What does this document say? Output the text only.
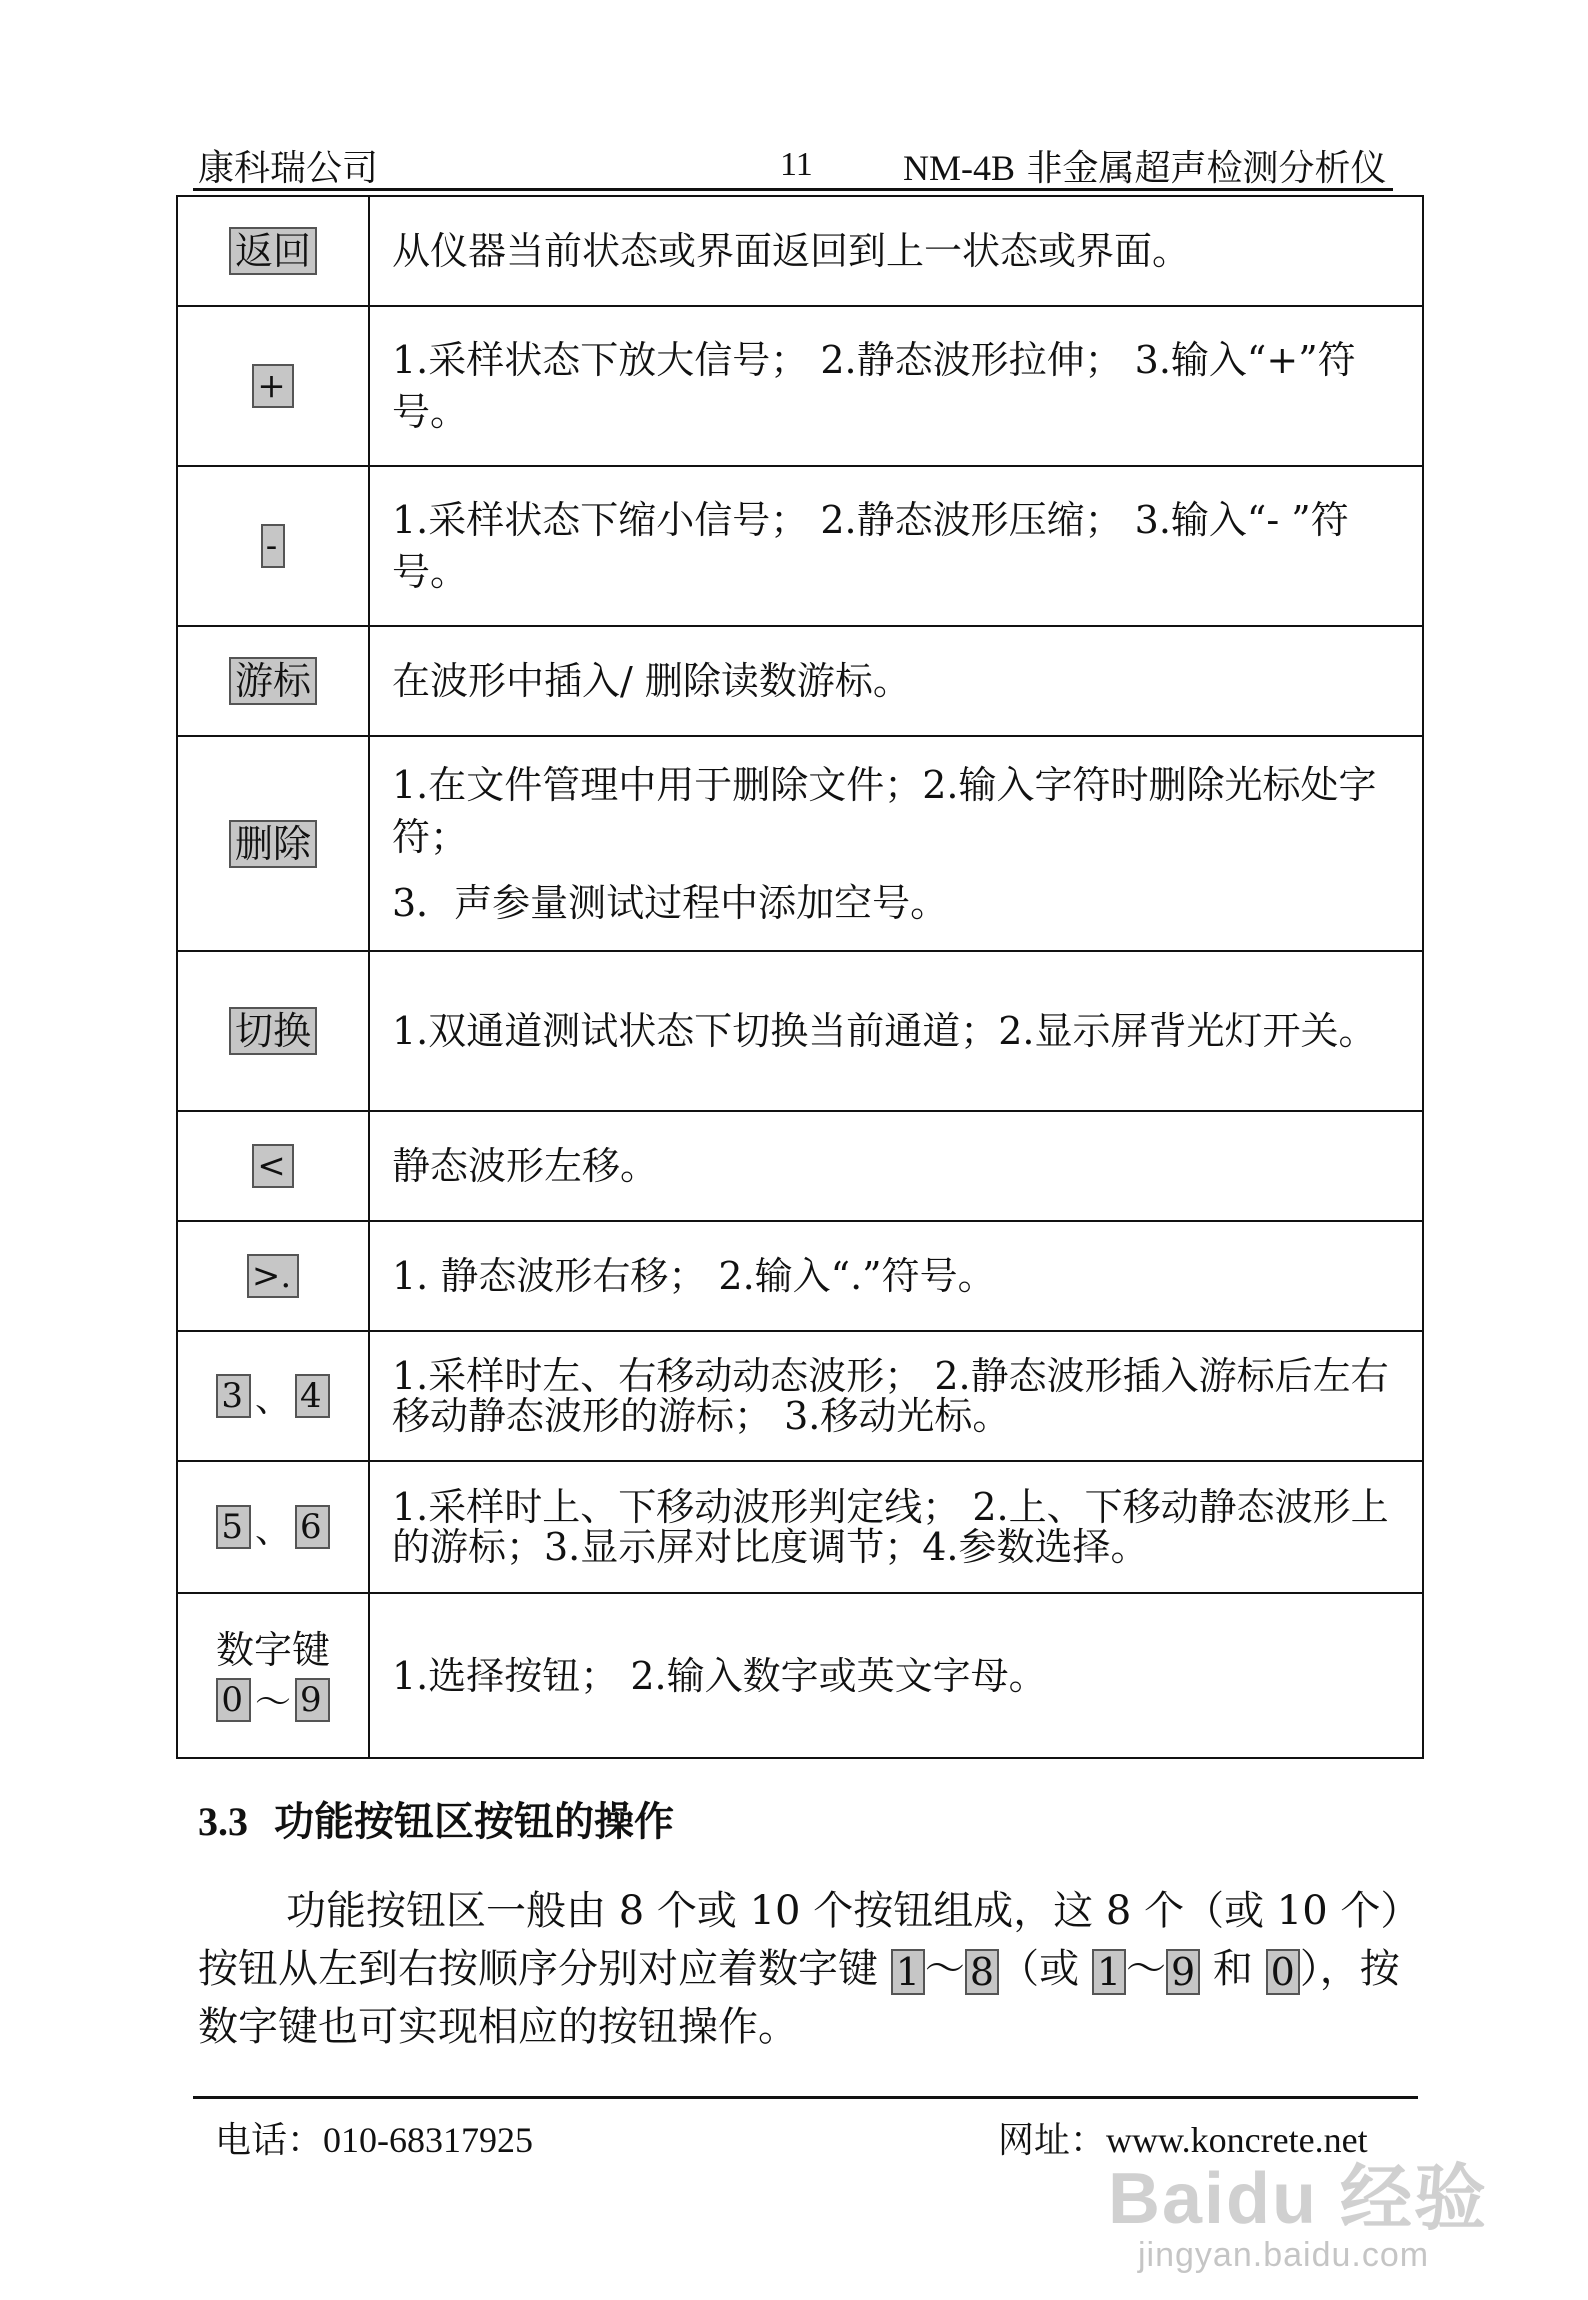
康科瑞公司	11	NM-4B 非金属超声检测分析仪
返回	从仪器当前状态或界面返回到上一状态或界面。

+	1.采样状态下放大信号； 2.静态波形拉伸； 3.输入“+”符号。

-	1.采样状态下缩小信号； 2.静态波形压缩； 3.输入“- ”符号。

游标	在波形中插入/ 删除读数游标。

删除	1.在文件管理中用于删除文件；2.输入字符时删除光标处字符；
3．声参量测试过程中添加空号。

切换	1.双通道测试状态下切换当前通道；2.显示屏背光灯开关。

<	静态波形左移。

>.	1. 静态波形右移； 2.输入“.”符号。

3 、 4	1.采样时左、右移动动态波形； 2.静态波形插入游标后左右移动静态波形的游标； 3.移动光标。

5 、 6	1.采样时上、下移动波形判定线； 2.上、下移动静态波形上的游标；3.显示屏对比度调节；4.参数选择。

数字键
0 ～ 9	1.选择按钮； 2.输入数字或英文字母。
3.3 功能按钮区按钮的操作
功能按钮区一般由 8 个或 10 个按钮组成，这 8 个（或 10 个）按钮从左到右按顺序分别对应着数字键 1 ～ 8 （或 1 ～ 9 和 0 ），按数字键也可实现相应的按钮操作。
电话：010-68317925	网址：www.koncrete.net
Baidu 经验
jingyan.baidu.com
